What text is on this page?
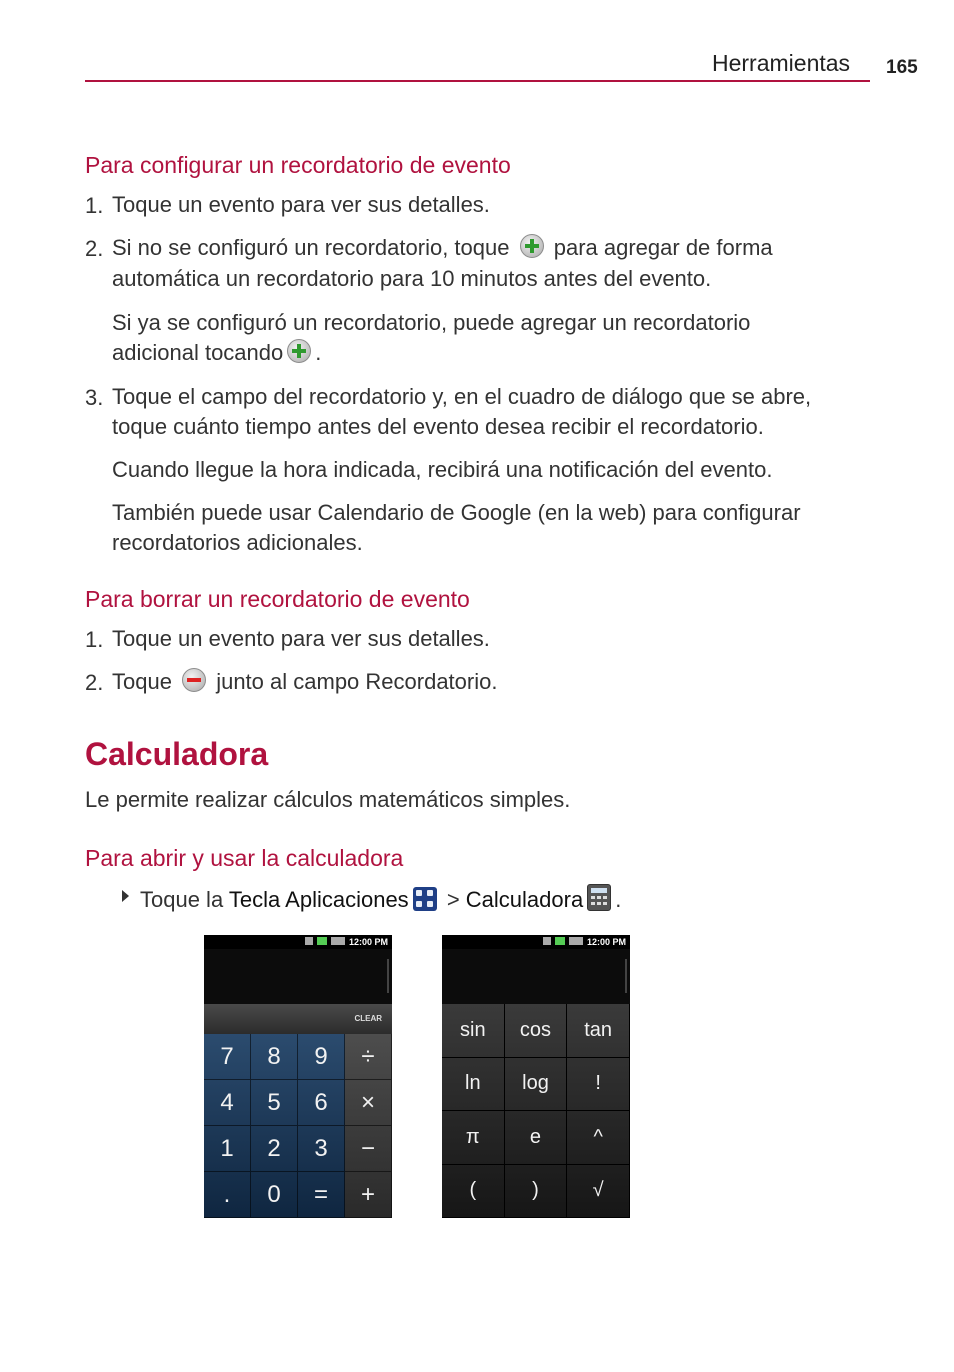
Herramientas 165
Para configurar un recordatorio de evento
1. Toque un evento para ver sus detalles.
2. Si no se configuró un recordatorio, toque para agregar de forma
automática un recordatorio para 10 minutos antes del evento.
Si ya se configuró un recordatorio, puede agregar un recordatorio
adicional tocando .
3. Toque el campo del recordatorio y, en el cuadro de diálogo que se abre,
toque cuánto tiempo antes del evento desea recibir el recordatorio.
Cuando llegue la hora indicada, recibirá una notificación del evento.
También puede usar Calendario de Google (en la web) para configurar
recordatorios adicionales.
Para borrar un recordatorio de evento
1. Toque un evento para ver sus detalles.
2. Toque junto al campo Recordatorio.
Calculadora
Le permite realizar cálculos matemáticos simples.
Para abrir y usar la calculadora
Toque la Tecla Aplicaciones > Calculadora .
12:00 PM
CLEAR
7	8	9
4	5	6
1	2	3
.	0	=
÷
×
−
+
12:00 PM
sin	cos	tan
ln	log	!
π	e	^
(	)	√
